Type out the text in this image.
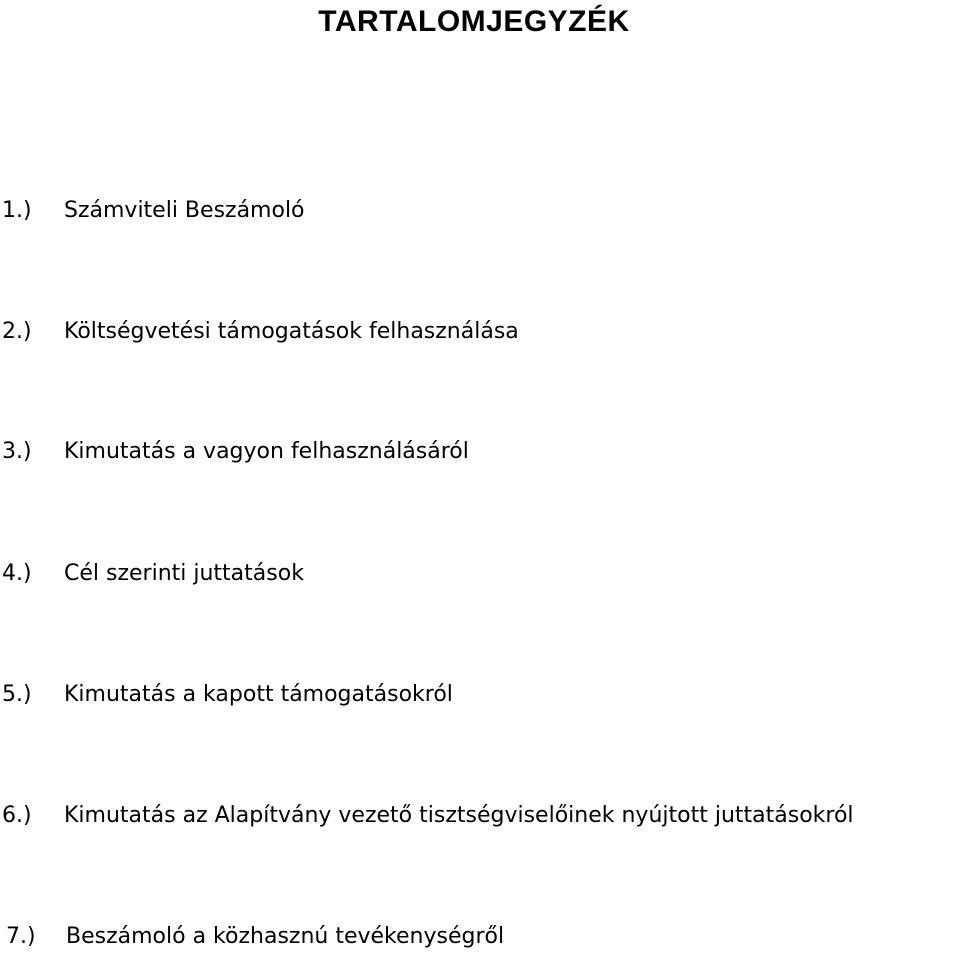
TARTALOMJEGYZÉK
1.) Számviteli Beszámoló
2.) Költségvetési támogatások felhasználása
3.) Kimutatás a vagyon felhasználásáról
4.) Cél szerinti juttatások
5.) Kimutatás a kapott támogatásokról
6.) Kimutatás az Alapítvány vezető tisztségviselőinek nyújtott juttatásokról
7.) Beszámoló a közhasznú tevékenységről
